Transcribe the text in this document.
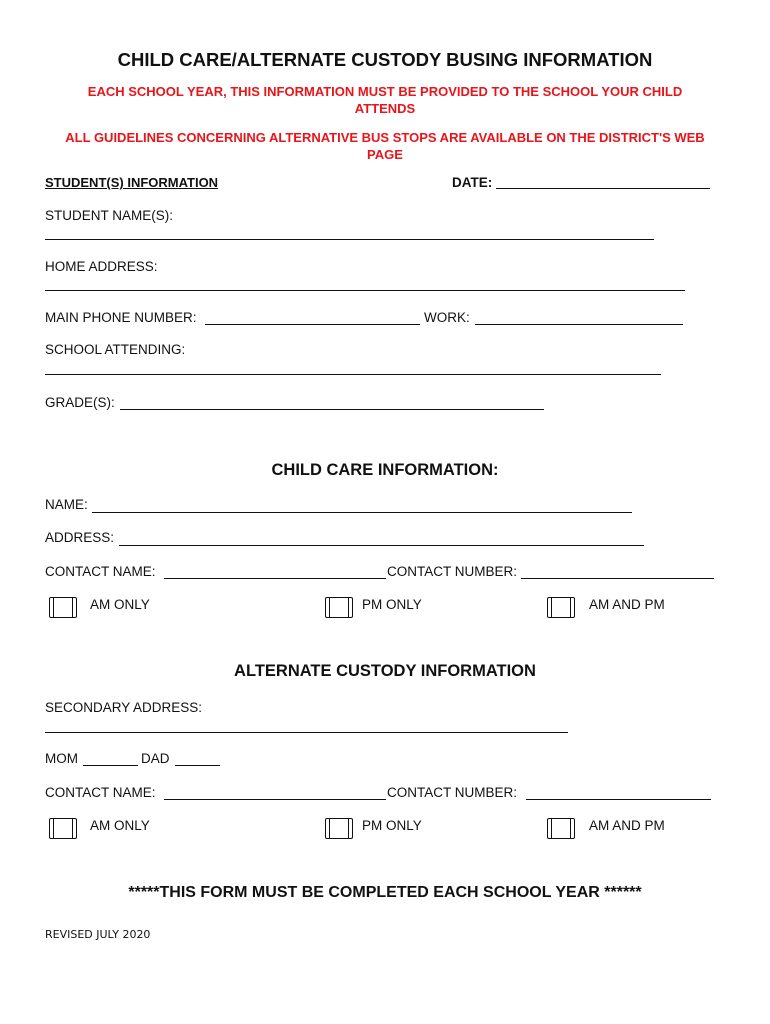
CHILD CARE/ALTERNATE CUSTODY BUSING INFORMATION
EACH SCHOOL YEAR, THIS INFORMATION MUST BE PROVIDED TO THE SCHOOL YOUR CHILD ATTENDS
ALL GUIDELINES CONCERNING ALTERNATIVE BUS STOPS ARE AVAILABLE ON THE DISTRICT'S WEB PAGE
STUDENT(S) INFORMATION	DATE:
STUDENT NAME(S):
HOME ADDRESS:
MAIN PHONE NUMBER:	WORK:
SCHOOL ATTENDING:
GRADE(S):
CHILD CARE INFORMATION:
NAME:
ADDRESS:
CONTACT NAME:	CONTACT NUMBER:
AM ONLY	PM ONLY	AM AND PM
ALTERNATE CUSTODY INFORMATION
SECONDARY ADDRESS:
MOM	DAD
CONTACT NAME:	CONTACT NUMBER:
AM ONLY	PM ONLY	AM AND PM
*****THIS FORM MUST BE COMPLETED EACH SCHOOL YEAR ******
REVISED JULY 2020
